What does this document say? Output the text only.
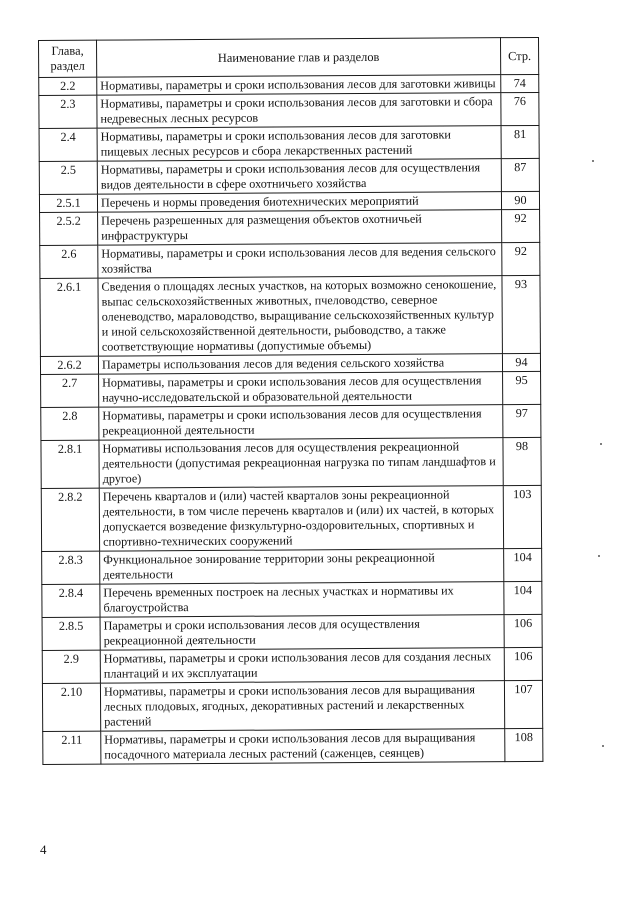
Глава, раздел	Наименование глав и разделов	Стр.
2.2	Нормативы, параметры и сроки использования лесов для заготовки живицы	74
2.3	Нормативы, параметры и сроки использования лесов для заготовки и сбора недревесных лесных ресурсов	76
2.4	Нормативы, параметры и сроки использования лесов для заготовки пищевых лесных ресурсов и сбора лекарственных растений	81
2.5	Нормативы, параметры и сроки использования лесов для осуществления видов деятельности в сфере охотничьего хозяйства	87
2.5.1	Перечень и нормы проведения биотехнических мероприятий	90
2.5.2	Перечень разрешенных для размещения объектов охотничьей инфраструктуры	92
2.6	Нормативы, параметры и сроки использования лесов для ведения сельского хозяйства	92
2.6.1	Сведения о площадях лесных участков, на которых возможно сенокошение, выпас сельскохозяйственных животных, пчеловодство, северное оленеводство, мараловодство, выращивание сельскохозяйственных культур и иной сельскохозяйственной деятельности, рыбоводство, а также соответствующие нормативы (допустимые объемы)	93
2.6.2	Параметры использования лесов для ведения сельского хозяйства	94
2.7	Нормативы, параметры и сроки использования лесов для осуществления научно-исследовательской и образовательной деятельности	95
2.8	Нормативы, параметры и сроки использования лесов для осуществления рекреационной деятельности	97
2.8.1	Нормативы использования лесов для осуществления рекреационной деятельности (допустимая рекреационная нагрузка по типам ландшафтов и другое)	98
2.8.2	Перечень кварталов и (или) частей кварталов зоны рекреационной деятельности, в том числе перечень кварталов и (или) их частей, в которых допускается возведение физкультурно-оздоровительных, спортивных и спортивно-технических сооружений	103
2.8.3	Функциональное зонирование территории зоны рекреационной деятельности	104
2.8.4	Перечень временных построек на лесных участках и нормативы их благоустройства	104
2.8.5	Параметры и сроки использования лесов для осуществления рекреационной деятельности	106
2.9	Нормативы, параметры и сроки использования лесов для создания лесных плантаций и их эксплуатации	106
2.10	Нормативы, параметры и сроки использования лесов для выращивания лесных плодовых, ягодных, декоративных растений и лекарственных растений	107
2.11	Нормативы, параметры и сроки использования лесов для выращивания посадочного материала лесных растений (саженцев, сеянцев)	108
4
